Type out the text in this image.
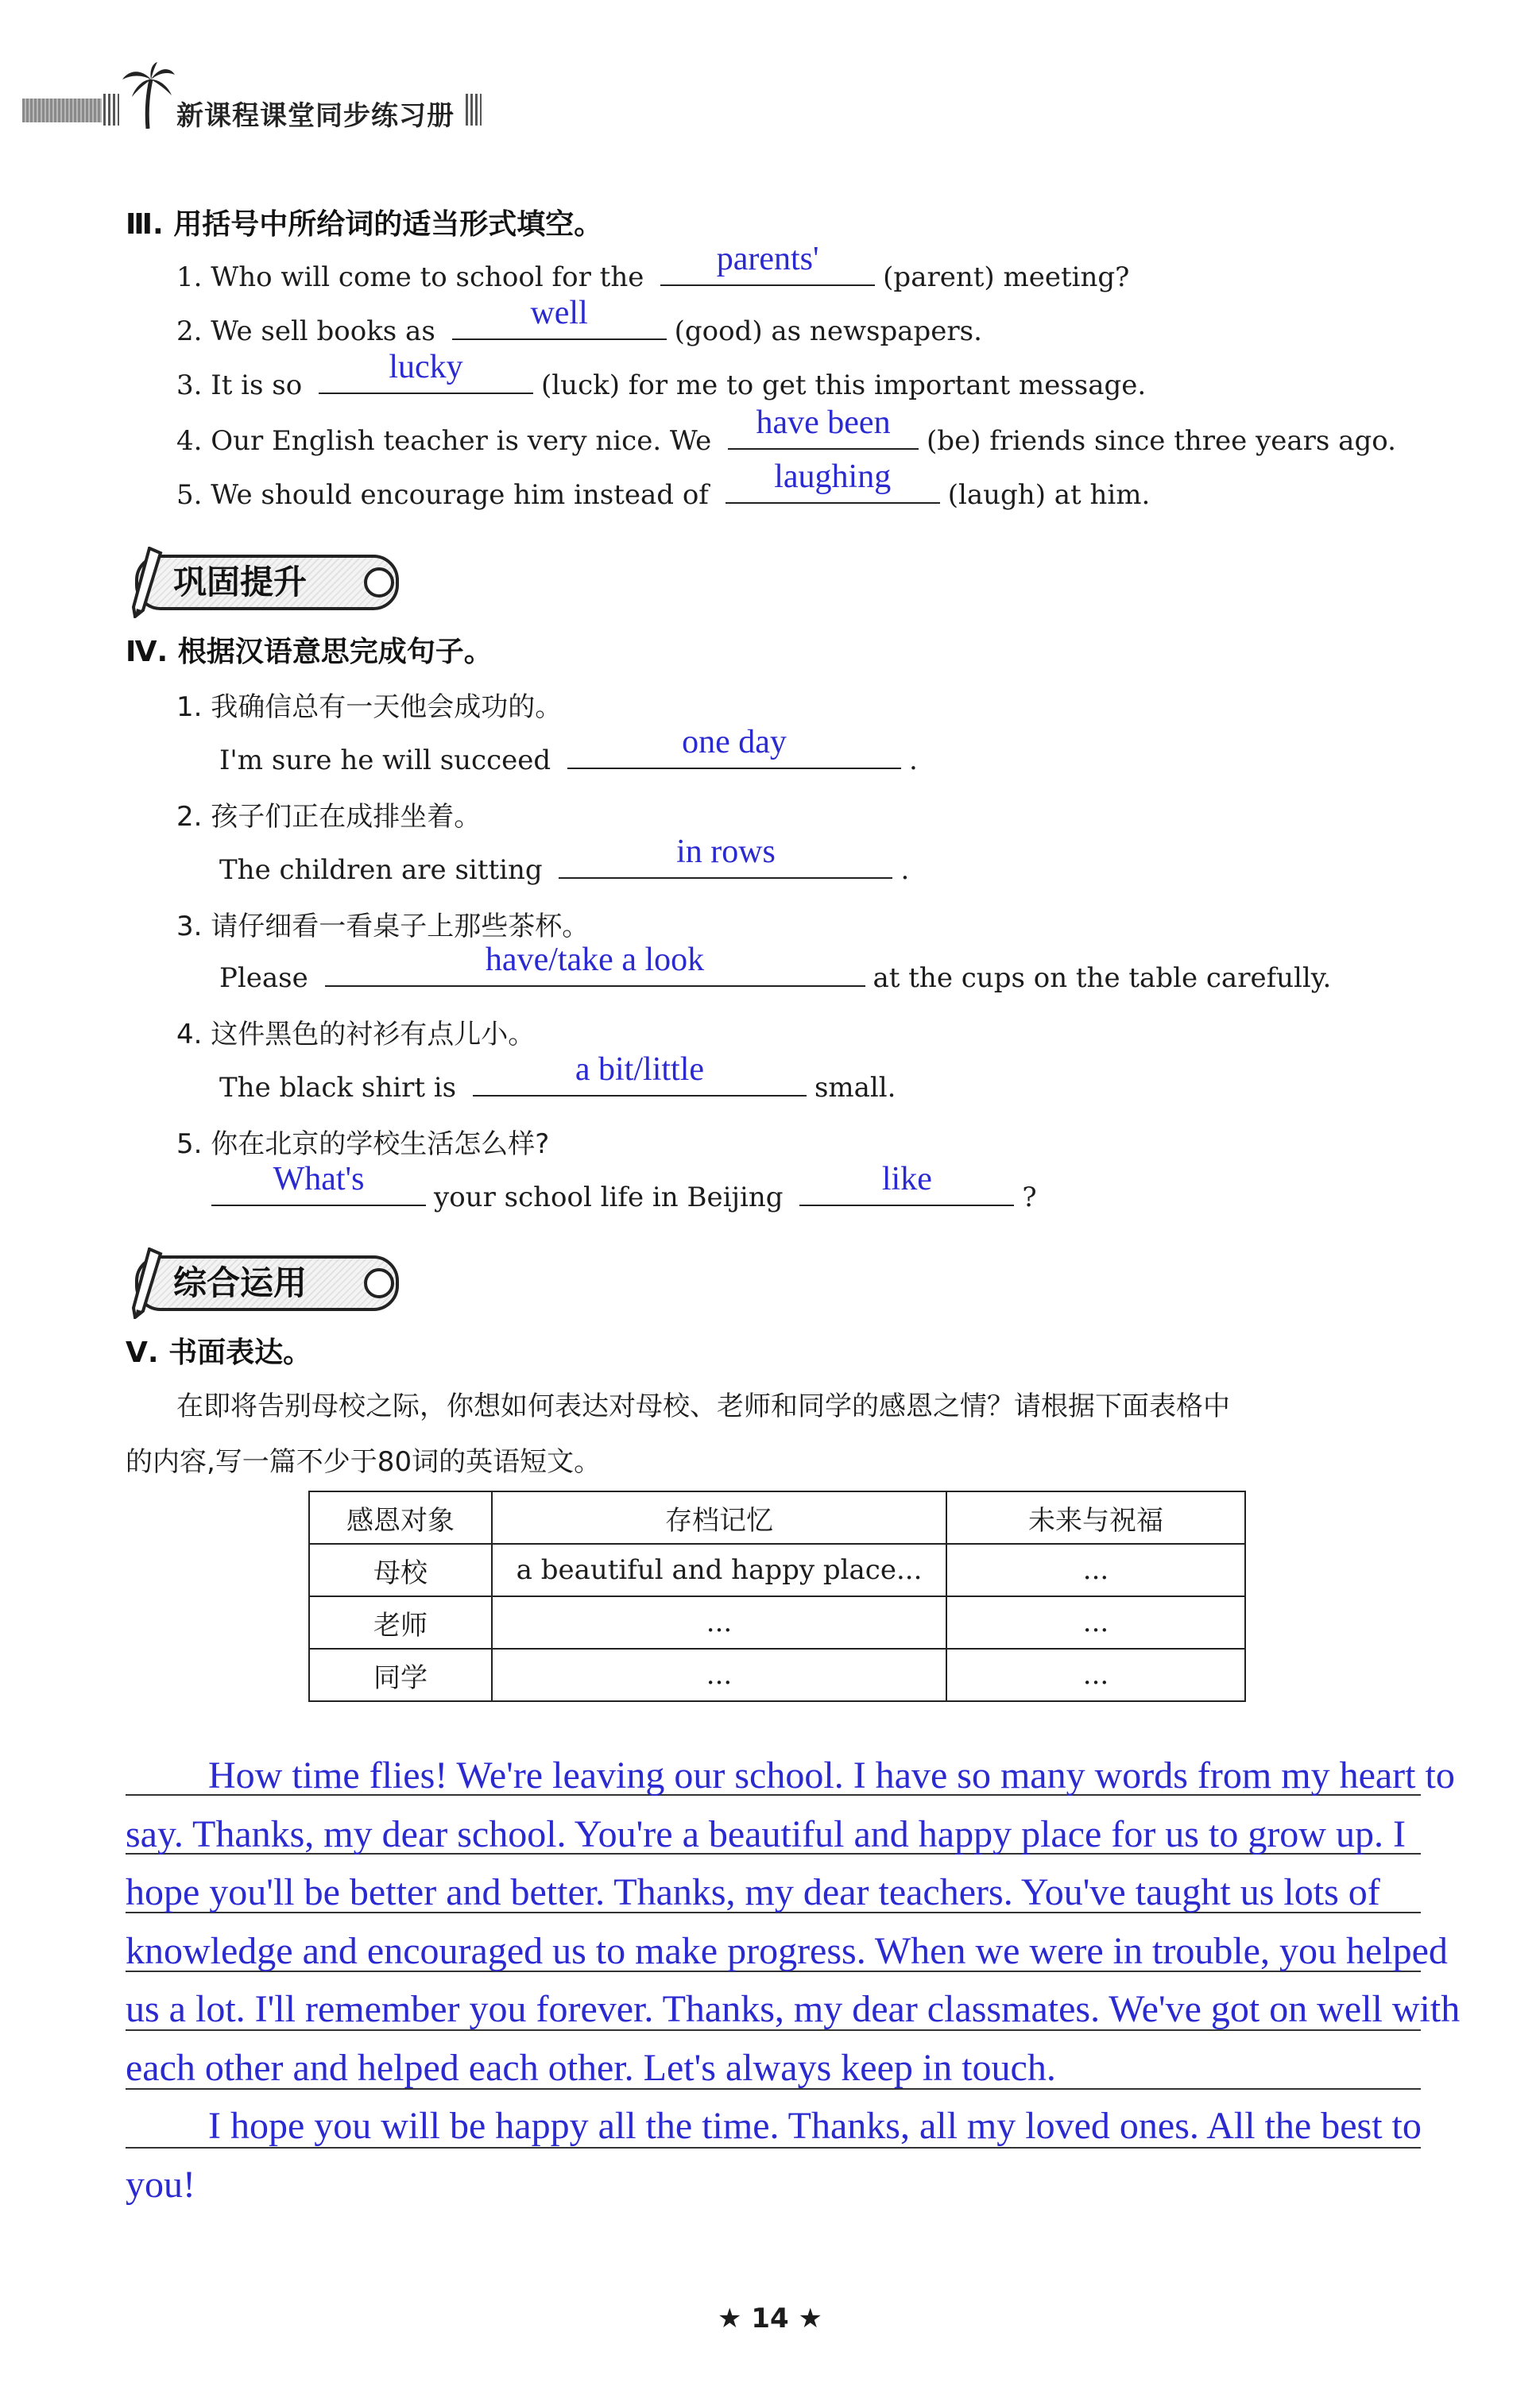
新课程课堂同步练习册
Ⅲ. 用括号中所给词的适当形式填空。
1. Who will come to school for the	parents'	(parent) meeting?
2. We sell books as	well	(good) as newspapers.
3. It is so	lucky	(luck) for me to get this important message.
4. Our English teacher is very nice. We	have been	(be) friends since three years ago.
5. We should encourage him instead of	laughing	(laugh) at him.
巩固提升
Ⅳ. 根据汉语意思完成句子。
1. 我确信总有一天他会成功的。
I'm sure he will succeed	one day	.
2. 孩子们正在成排坐着。
The children are sitting	in rows	.
3. 请仔细看一看桌子上那些茶杯。
Please	have/take a look	at the cups on the table carefully.
4. 这件黑色的衬衫有点儿小。
The black shirt is	a bit/little	small.
5. 你在北京的学校生活怎么样?
What's	your school life in Beijing	like	?
综合运用
Ⅴ. 书面表达。
在即将告别母校之际，你想如何表达对母校、老师和同学的感恩之情？请根据下面表格中
的内容,写一篇不少于80词的英语短文。
感恩对象	存档记忆	未来与祝福
母校	a beautiful and happy place...	...
老师	...	...
同学	...	...

How time flies! We're leaving our school. I have so many words from my heart to say. Thanks, my dear school. You're a beautiful and happy place for us to grow up. I hope you'll be better and better. Thanks, my dear teachers. You've taught us lots of knowledge and encouraged us to make progress. When we were in trouble, you helped us a lot. I'll remember you forever. Thanks, my dear classmates. We've got on well with each other and helped each other. Let's always keep in touch.

I hope you will be happy all the time. Thanks, all my loved ones. All the best to you!

★ 14 ★
